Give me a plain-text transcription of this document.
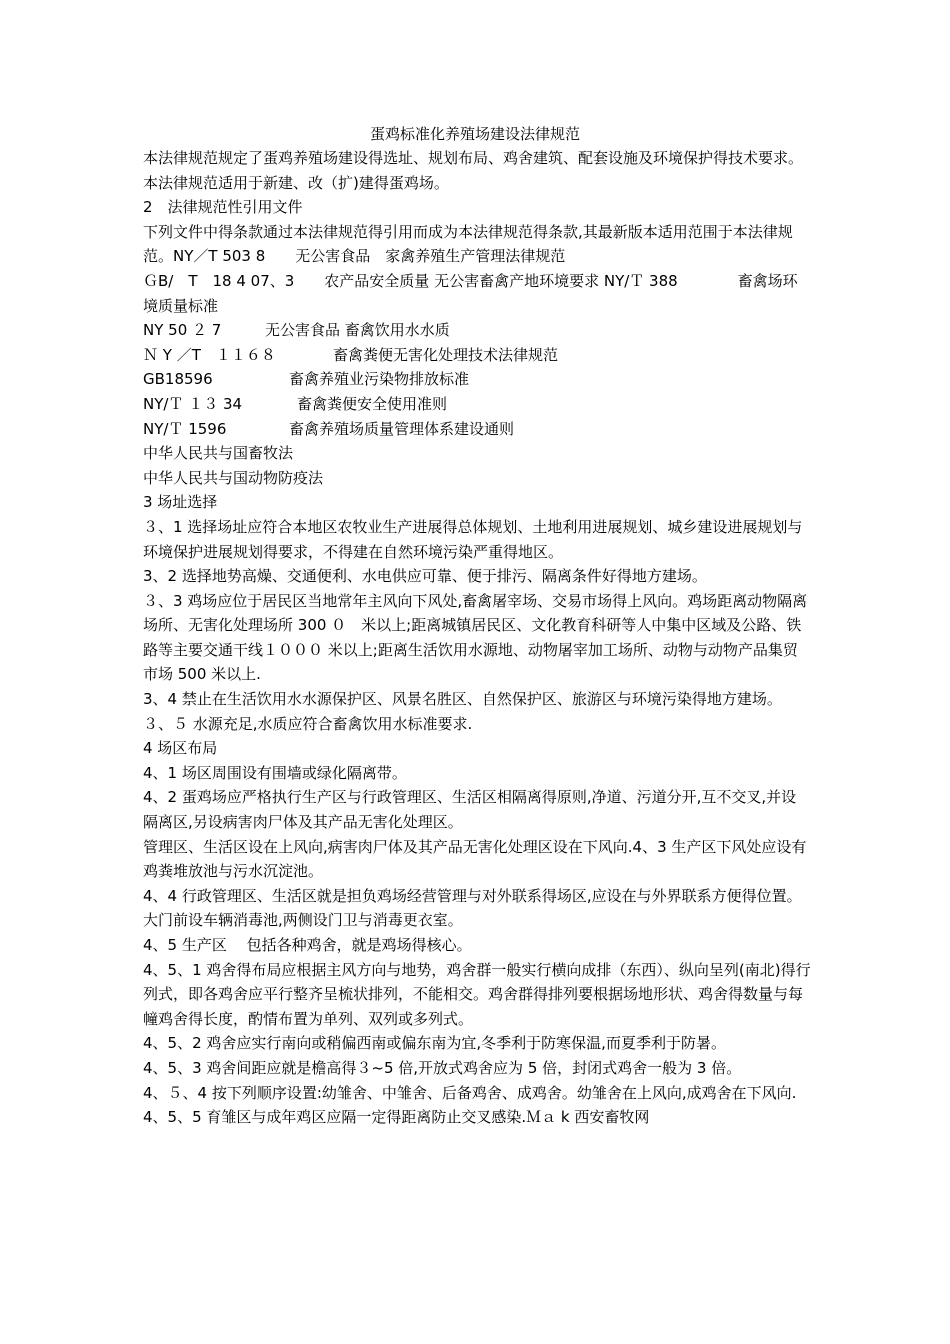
蛋鸡标准化养殖场建设法律规范

本法律规范规定了蛋鸡养殖场建设得选址、规划布局、鸡舍建筑、配套设施及环境保护得技术要求。

本法律规范适用于新建、改（扩)建得蛋鸡场。

2　法律规范性引用文件

下列文件中得条款通过本法律规范得引用而成为本法律规范得条款,其最新版本适用范围于本法律规范。NY／T 503 8　　无公害食品　家禽养殖生产管理法律规范

ＧB/　T　18 4 07、3　　农产品安全质量 无公害畜禽产地环境要求 NY/Ｔ 388　　　　畜禽场环境质量标准

NY 50 ２ 7	无公害食品 畜禽饮用水水质
Ｎ Y ／T　１１６８	畜禽粪便无害化处理技术法律规范
GB18596	畜禽养殖业污染物排放标准
NY/Ｔ １３ 34	畜禽粪便安全使用准则
NY/Ｔ 1596	畜禽养殖场质量管理体系建设通则

中华人民共与国畜牧法

中华人民共与国动物防疫法

3 场址选择

３、1 选择场址应符合本地区农牧业生产进展得总体规划、土地利用进展规划、城乡建设进展规划与环境保护进展规划得要求，不得建在自然环境污染严重得地区。

3、2 选择地势高燥、交通便利、水电供应可靠、便于排污、隔离条件好得地方建场。

３、3 鸡场应位于居民区当地常年主风向下风处,畜禽屠宰场、交易市场得上风向。鸡场距离动物隔离场所、无害化处理场所 300 ０　米以上;距离城镇居民区、文化教育科研等人中集中区域及公路、铁路等主要交通干线１０００ 米以上;距离生活饮用水源地、动物屠宰加工场所、动物与动物产品集贸市场 500 米以上.

3、4 禁止在生活饮用水水源保护区、风景名胜区、自然保护区、旅游区与环境污染得地方建场。

３、５ 水源充足,水质应符合畜禽饮用水标准要求.

4 场区布局

4、1 场区周围设有围墙或绿化隔离带。

4、2 蛋鸡场应严格执行生产区与行政管理区、生活区相隔离得原则,净道、污道分开,互不交叉,并设隔离区,另设病害肉尸体及其产品无害化处理区。

管理区、生活区设在上风向,病害肉尸体及其产品无害化处理区设在下风向.4、3 生产区下风处应设有鸡粪堆放池与污水沉淀池。

4、4 行政管理区、生活区就是担负鸡场经营管理与对外联系得场区,应设在与外界联系方便得位置。大门前设车辆消毒池,两侧设门卫与消毒更衣室。

4、5 生产区　 包括各种鸡舍，就是鸡场得核心。

4、5、1 鸡舍得布局应根据主风方向与地势，鸡舍群一般实行横向成排（东西）、纵向呈列(南北)得行列式，即各鸡舍应平行整齐呈梳状排列，不能相交。鸡舍群得排列要根据场地形状、鸡舍得数量与每幢鸡舍得长度，酌情布置为单列、双列或多列式。

4、5、2 鸡舍应实行南向或稍偏西南或偏东南为宜,冬季利于防寒保温,而夏季利于防暑。

4、5、3 鸡舍间距应就是檐高得３~5 倍,开放式鸡舍应为 5 倍，封闭式鸡舍一般为 3 倍。

4、５、4 按下列顺序设置:幼雏舍、中雏舍、后备鸡舍、成鸡舍。幼雏舍在上风向,成鸡舍在下风向.

4、5、5 育雏区与成年鸡区应隔一定得距离防止交叉感染.Ｍａ k 西安畜牧网
